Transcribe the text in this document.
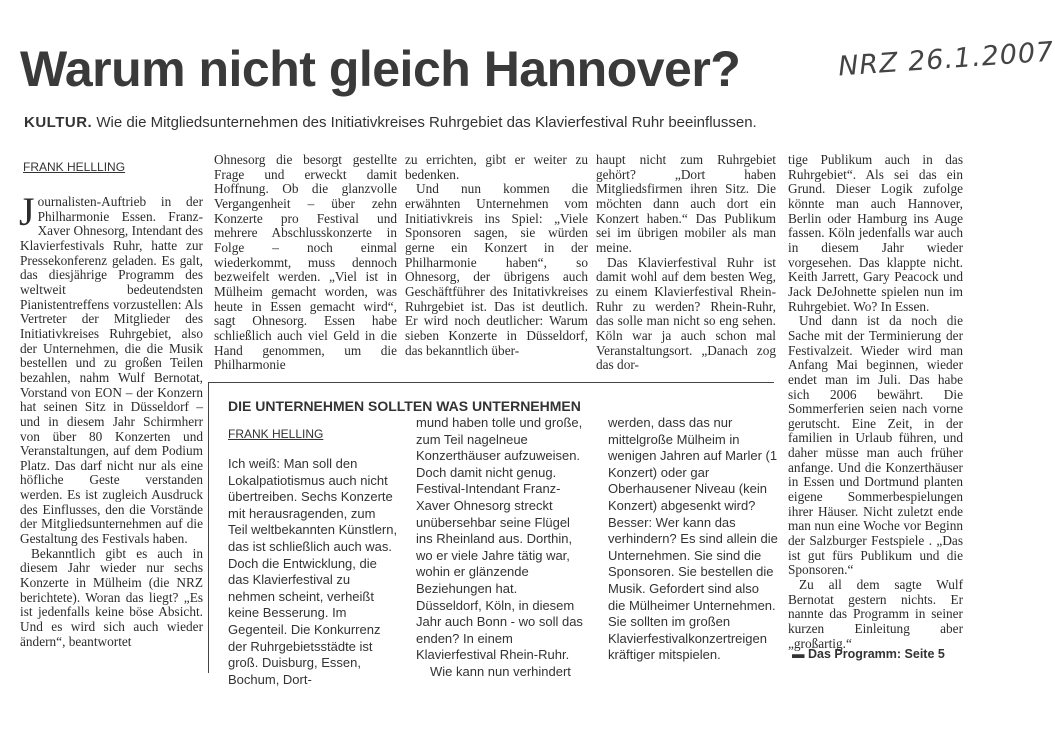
Warum nicht gleich Hannover?	NRZ 26.1.2007
KULTUR. Wie die Mitgliedsunternehmen des Initiativkreises Ruhrgebiet das Klavierfestival Ruhr beeinflussen.
FRANK HELLLING

Journalisten-Auftrieb in der Philharmonie Essen. Franz-Xaver Ohnesorg, Intendant des Klavierfestivals Ruhr, hatte zur Pressekonferenz geladen. Es galt, das diesjährige Programm des weltweit bedeutendsten Pianistentreffens vorzustellen: Als Vertreter der Mitglieder des Initiativkreises Ruhrgebiet, also der Unternehmen, die die Musik bestellen und zu großen Teilen bezahlen, nahm Wulf Bernotat, Vorstand von EON – der Konzern hat seinen Sitz in Düsseldorf – und in diesem Jahr Schirmherr von über 80 Konzerten und Veranstaltungen, auf dem Podium Platz. Das darf nicht nur als eine höfliche Geste verstanden werden. Es ist zugleich Ausdruck des Einflusses, den die Vorstände der Mitgliedsunternehmen auf die Gestaltung des Festivals haben.

Bekanntlich gibt es auch in diesem Jahr wieder nur sechs Konzerte in Mülheim (die NRZ berichtete). Woran das liegt? „Es ist jedenfalls keine böse Absicht. Und es wird sich auch wieder ändern“, beantwortet

Ohnesorg die besorgt gestellte Frage und erweckt damit Hoffnung. Ob die glanzvolle Vergangenheit – über zehn Konzerte pro Festival und mehrere Abschlusskonzerte in Folge – noch einmal wiederkommt, muss dennoch bezweifelt werden. „Viel ist in Mülheim gemacht worden, was heute in Essen gemacht wird“, sagt Ohnesorg. Essen habe schließlich auch viel Geld in die Hand genommen, um die Philharmonie

zu errichten, gibt er weiter zu bedenken.

Und nun kommen die erwähnten Unternehmen vom Initiativkreis ins Spiel: „Viele Sponsoren sagen, sie würden gerne ein Konzert in der Philharmonie haben“, so Ohnesorg, der übrigens auch Geschäftführer des Initativkreises Ruhrgebiet ist. Das ist deutlich. Er wird noch deutlicher: Warum sieben Konzerte in Düsseldorf, das bekanntlich über-

haupt nicht zum Ruhrgebiet gehört? „Dort haben Mitgliedsfirmen ihren Sitz. Die möchten dann auch dort ein Konzert haben.“ Das Publikum sei im übrigen mobiler als man meine.

Das Klavierfestival Ruhr ist damit wohl auf dem besten Weg, zu einem Klavierfestival Rhein-Ruhr zu werden? Rhein-Ruhr, das solle man nicht so eng sehen. Köln war ja auch schon mal Veranstaltungsort. „Danach zog das dor-

tige Publikum auch in das Ruhrgebiet“. Als sei das ein Grund. Dieser Logik zufolge könnte man auch Hannover, Berlin oder Hamburg ins Auge fassen. Köln jedenfalls war auch in diesem Jahr wieder vorgesehen. Das klappte nicht. Keith Jarrett, Gary Peacock und Jack DeJohnette spielen nun im Ruhrgebiet. Wo? In Essen.

Und dann ist da noch die Sache mit der Terminierung der Festivalzeit. Wieder wird man Anfang Mai beginnen, wieder endet man im Juli. Das habe sich 2006 bewährt. Die Sommerferien seien nach vorne gerutscht. Eine Zeit, in der familien in Urlaub führen, und daher müsse man auch früher anfange. Und die Konzerthäuser in Essen und Dortmund planten eigene Sommerbespielungen ihrer Häuser. Nicht zuletzt ende man nun eine Woche vor Beginn der Salzburger Festspiele . „Das ist gut fürs Publikum und die Sponsoren.“

Zu all dem sagte Wulf Bernotat gestern nichts. Er nannte das Programm in seiner kurzen Einleitung aber „großartig.“

▬ Das Programm: Seite 5
DIE UNTERNEHMEN SOLLTEN WAS UNTERNEHMEN
FRANK HELLING

Ich weiß: Man soll den Lokalpatiotismus auch nicht übertreiben. Sechs Konzerte mit herausragenden, zum Teil weltbekannten Künstlern, das ist schließlich auch was. Doch die Entwicklung, die das Klavierfestival zu nehmen scheint, verheißt keine Besserung. Im Gegenteil. Die Konkurrenz der Ruhrgebietsstädte ist groß. Duisburg, Essen, Bochum, Dort-

mund haben tolle und große, zum Teil nagelneue Konzerthäuser aufzuweisen. Doch damit nicht genug. Festival-Intendant Franz-Xaver Ohnesorg streckt unübersehbar seine Flügel ins Rheinland aus. Dorthin, wo er viele Jahre tätig war, wohin er glänzende Beziehungen hat. Düsseldorf, Köln, in diesem Jahr auch Bonn - wo soll das enden? In einem Klavierfestival Rhein-Ruhr.

Wie kann nun verhindert

werden, dass das nur mittelgroße Mülheim in wenigen Jahren auf Marler (1 Konzert) oder gar Oberhausener Niveau (kein Konzert) abgesenkt wird? Besser: Wer kann das verhindern? Es sind allein die Unternehmen. Sie sind die Sponsoren. Sie bestellen die Musik. Gefordert sind also die Mülheimer Unternehmen. Sie sollten im großen Klavierfestivalkonzertreigen kräftiger mitspielen.
